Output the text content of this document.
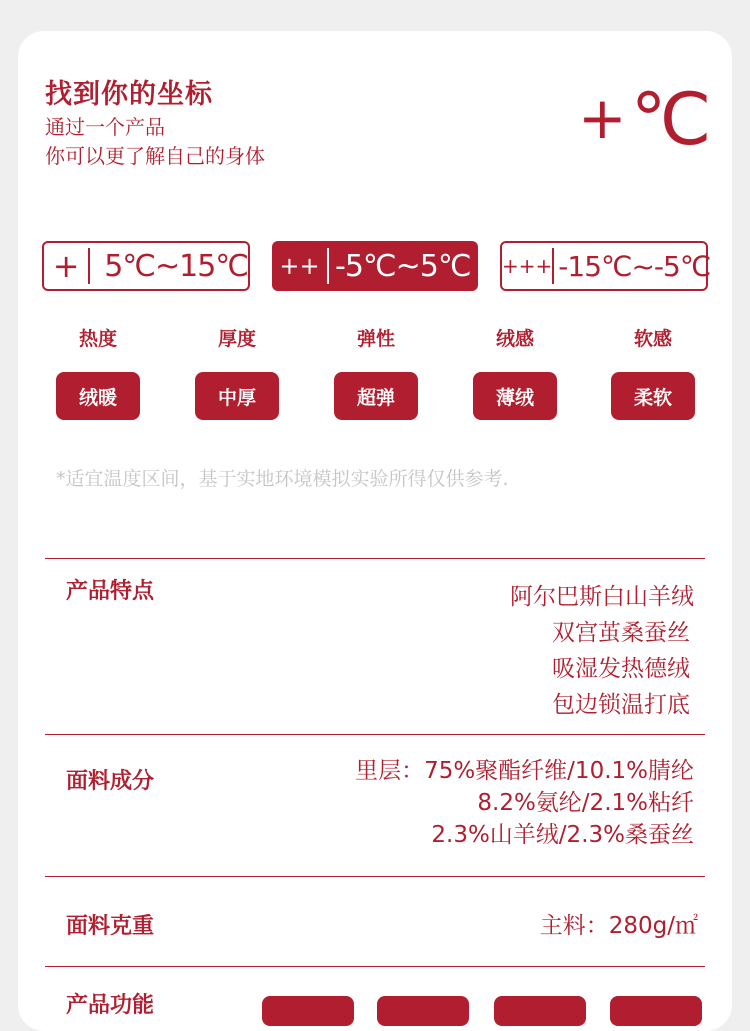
找到你的坐标
通过一个产品
你可以更了解自己的身体
+℃
+ 5℃~15℃	++ -5℃~5℃ +++ -15℃~-5℃
热度	厚度	弹性	绒感	软感
绒暖	中厚	超弹	薄绒	柔软
*适宜温度区间，基于实地环境模拟实验所得仅供参考.
产品特点	阿尔巴斯白山羊绒
双宫茧桑蚕丝
吸湿发热德绒
包边锁温打底
面料成分	里层：75%聚酯纤维/10.1%腈纶
8.2%氨纶/2.1%粘纤
2.3%山羊绒/2.3%桑蚕丝
面料克重	主料：280g/㎡
产品功能
